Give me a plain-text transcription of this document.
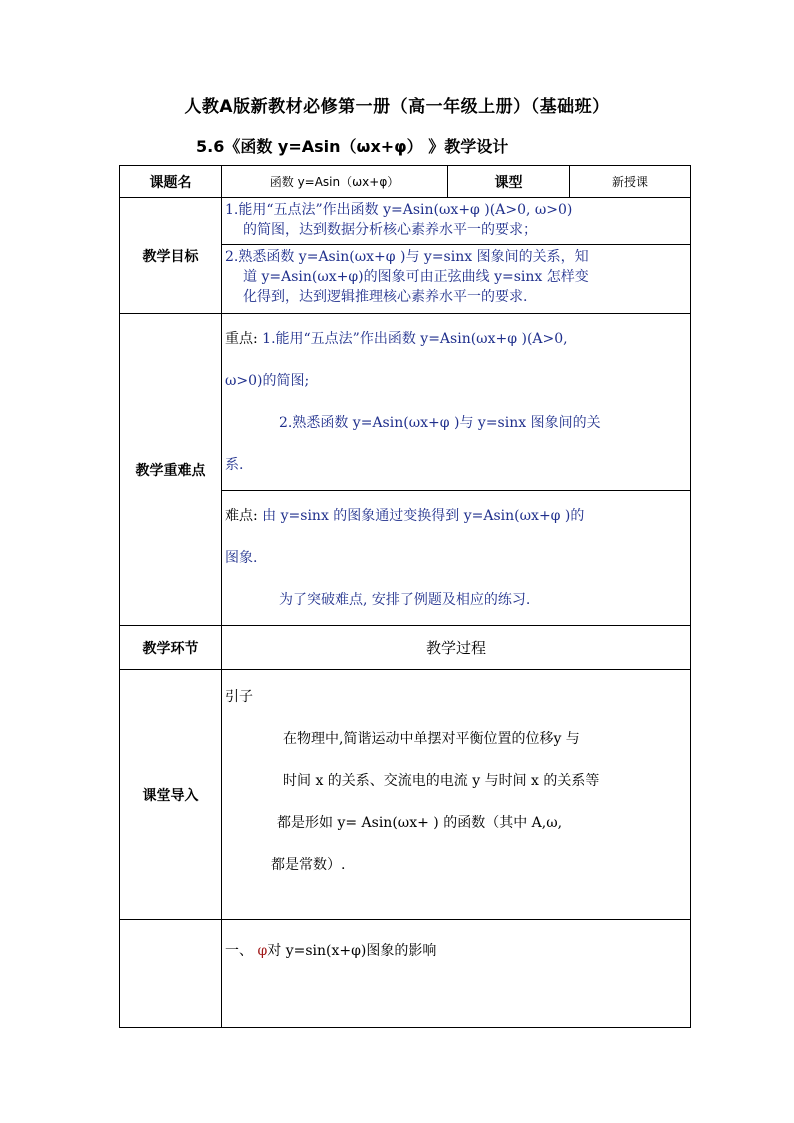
人教A版新教材必修第一册（高一年级上册）（基础班）
5.6《函数 y=Asin（ωx+φ） 》教学设计
课题名	函数 y=Asin（ωx+φ）	课型	新授课
教学目标	1.能用“五点法”作出函数 y=Asin(ωx+φ )(A>0, ω>0)

的简图，达到数据分析核心素养水平一的要求；		

	2.熟悉函数 y=Asin(ωx+φ )与 y=sinx 图象间的关系，知

道 y=Asin(ωx+φ)的图象可由正弦曲线 y=sinx 怎样变
化得到，达到逻辑推理核心素养水平一的要求.		

教学重难点	重点: 1.能用“五点法”作出函数 y=Asin(ωx+φ )(A>0,
ω>0)的简图;
2.熟悉函数 y=Asin(ωx+φ )与 y=sinx 图象间的关
系.		
	难点: 由 y=sinx 的图象通过变换得到 y=Asin(ωx+φ )的
图象.
为了突破难点, 安排了例题及相应的练习.		
教学环节	教学过程		
课堂导入	引子
在物理中,简谐运动中单摆对平衡位置的位移y 与
时间 x 的关系、交流电的电流 y 与时间 x 的关系等
都是形如 y= Asin(ωx+ ) 的函数（其中 A,ω,
都是常数）.		
	一、 φ对 y=sin(x+φ)图象的影响		
